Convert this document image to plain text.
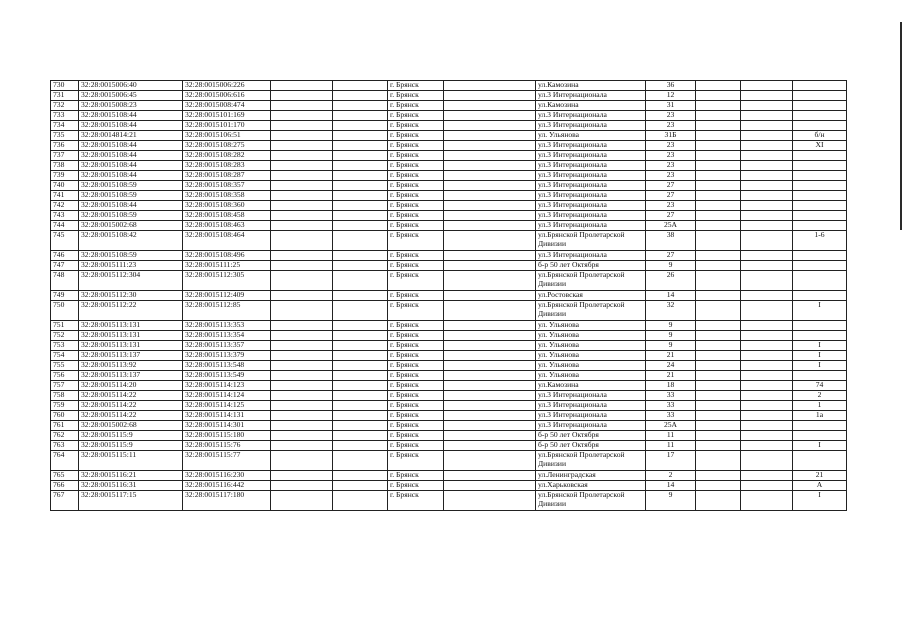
730	32:28:0015006:40	32:28:0015006:226			г. Брянск		ул.Камозина	36			
731	32:28:0015006:45	32:28:0015006:616			г. Брянск		ул.3 Интернационала	12			
732	32:28:0015008:23	32:28:0015008:474			г. Брянск		ул.Камозина	31			
733	32:28:0015108:44	32:28:0015101:169			г. Брянск		ул.3 Интернационала	23			
734	32:28:0015108:44	32:28:0015101:170			г. Брянск		ул.3 Интернационала	23			
735	32:28:0014814:21	32:28:0015106:51			г. Брянск		ул. Ульянова	31Б			б/н
736	32:28:0015108:44	32:28:0015108:275			г. Брянск		ул.3 Интернационала	23			XI
737	32:28:0015108:44	32:28:0015108:282			г. Брянск		ул.3 Интернационала	23			
738	32:28:0015108:44	32:28:0015108:283			г. Брянск		ул.3 Интернационала	23			
739	32:28:0015108:44	32:28:0015108:287			г. Брянск		ул.3 Интернационала	23			
740	32:28:0015108:59	32:28:0015108:357			г. Брянск		ул.3 Интернационала	27			
741	32:28:0015108:59	32:28:0015108:358			г. Брянск		ул.3 Интернационала	27			
742	32:28:0015108:44	32:28:0015108:360			г. Брянск		ул.3 Интернационала	23			
743	32:28:0015108:59	32:28:0015108:458			г. Брянск		ул.3 Интернационала	27			
744	32:28:0015002:68	32:28:0015108:463			г. Брянск		ул.3 Интернационала	25А			
745	32:28:0015108:42	32:28:0015108:464			г. Брянск		ул.Брянской Пролетарской Дивизии	38			1-6
746	32:28:0015108:59	32:28:0015108:496			г. Брянск		ул.3 Интернационала	27			
747	32:28:0015111:23	32:28:0015111:25			г. Брянск		б-р 50 лет Октября	9			
748	32:28:0015112:304	32:28:0015112:305			г. Брянск		ул.Брянской Пролетарской Дивизии	26			
749	32:28:0015112:30	32:28:0015112:409			г. Брянск		ул.Ростовская	14			
750	32:28:0015112:22	32:28:0015112:85			г. Брянск		ул.Брянской Пролетарской Дивизии	32			I
751	32:28:0015113:131	32:28:0015113:353			г. Брянск		ул. Ульянова	9			
752	32:28:0015113:131	32:28:0015113:354			г. Брянск		ул. Ульянова	9			
753	32:28:0015113:131	32:28:0015113:357			г. Брянск		ул. Ульянова	9			I
754	32:28:0015113:137	32:28:0015113:379			г. Брянск		ул. Ульянова	21			I
755	32:28:0015113:92	32:28:0015113:548			г. Брянск		ул. Ульянова	24			I
756	32:28:0015113:137	32:28:0015113:549			г. Брянск		ул. Ульянова	21			
757	32:28:0015114:20	32:28:0015114:123			г. Брянск		ул.Камозина	18			74
758	32:28:0015114:22	32:28:0015114:124			г. Брянск		ул.3 Интернационала	33			2
759	32:28:0015114:22	32:28:0015114:125			г. Брянск		ул.3 Интернационала	33			1
760	32:28:0015114:22	32:28:0015114:131			г. Брянск		ул.3 Интернационала	33			1а
761	32:28:0015002:68	32:28:0015114:301			г. Брянск		ул.3 Интернационала	25А			
762	32:28:0015115:9	32:28:0015115:180			г. Брянск		б-р 50 лет Октября	11			
763	32:28:0015115:9	32:28:0015115:76			г. Брянск		б-р 50 лет Октября	11			I
764	32:28:0015115:11	32:28:0015115:77			г. Брянск		ул.Брянской Пролетарской Дивизии	17			
765	32:28:0015116:21	32:28:0015116:230			г. Брянск		ул.Ленинградская	2			21
766	32:28:0015116:31	32:28:0015116:442			г. Брянск		ул.Харьковская	14			А
767	32:28:0015117:15	32:28:0015117:180			г. Брянск		ул.Брянской Пролетарской Дивизии	9			I
